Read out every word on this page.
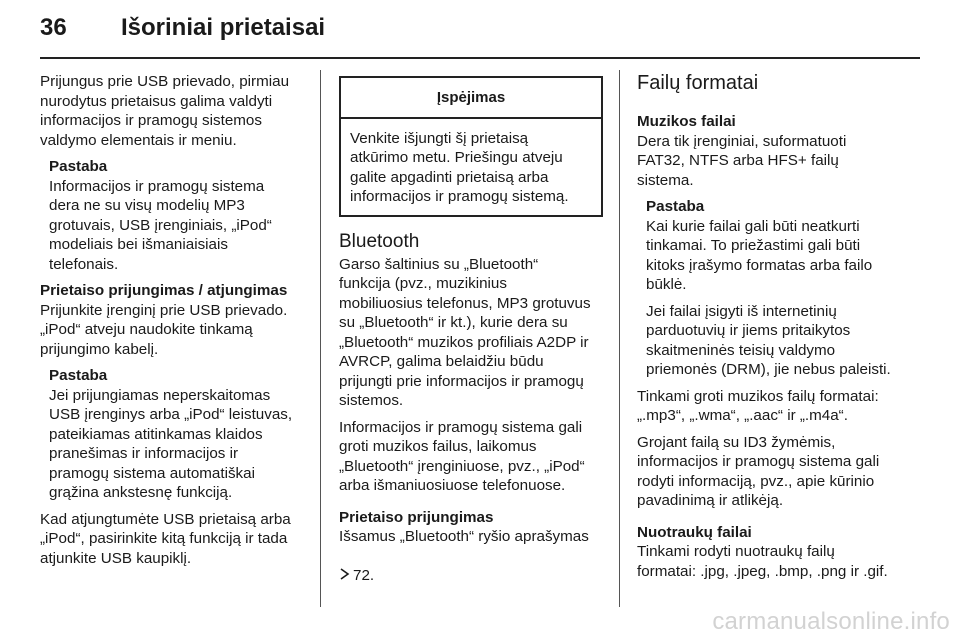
36 Išoriniai prietaisai

Prijungus prie USB prievado, pirmiau
nurodytus prietaisus galima valdyti
informacijos ir pramogų sistemos
valdymo elementais ir meniu.

Pastaba

Informacijos ir pramogų sistema
dera ne su visų modelių MP3
grotuvais, USB įrenginiais, „iPod“
modeliais bei išmaniaisiais
telefonais.

Prietaiso prijungimas / atjungimas

Prijunkite įrenginį prie USB prievado.
„iPod“ atveju naudokite tinkamą
prijungimo kabelį.

Pastaba

Jei prijungiamas neperskaitomas
USB įrenginys arba „iPod“ leistuvas,
pateikiamas atitinkamas klaidos
pranešimas ir informacijos ir
pramogų sistema automatiškai
grąžina ankstesnę funkciją.

Kad atjungtumėte USB prietaisą arba
„iPod“, pasirinkite kitą funkciją ir tada
atjunkite USB kaupiklį.

Įspėjimas
Venkite išjungti šį prietaisą
atkūrimo metu. Priešingu atveju
galite apgadinti prietaisą arba
informacijos ir pramogų sistemą.
Bluetooth

Garso šaltinius su „Bluetooth“
funkcija (pvz., muzikinius
mobiliuosius telefonus, MP3 grotuvus
su „Bluetooth“ ir kt.), kurie dera su
„Bluetooth“ muzikos profiliais A2DP ir
AVRCP, galima belaidžiu būdu
prijungti prie informacijos ir pramogų
sistemos.

Informacijos ir pramogų sistema gali
groti muzikos failus, laikomus
„Bluetooth“ įrenginiuose, pvz., „iPod“
arba išmaniuosiuose telefonuose.

Prietaiso prijungimas

Išsamus „Bluetooth“ ryšio aprašymas

72.

Failų formatai

Muzikos failai

Dera tik įrenginiai, suformatuoti
FAT32, NTFS arba HFS+ failų
sistema.

Pastaba

Kai kurie failai gali būti neatkurti
tinkamai. To priežastimi gali būti
kitoks įrašymo formatas arba failo
būklė.

Jei failai įsigyti iš internetinių
parduotuvių ir jiems pritaikytos
skaitmeninės teisių valdymo
priemonės (DRM), jie nebus paleisti.

Tinkami groti muzikos failų formatai:
„.mp3“, „.wma“, „.aac“ ir „.m4a“.

Grojant failą su ID3 žymėmis,
informacijos ir pramogų sistema gali
rodyti informaciją, pvz., apie kūrinio
pavadinimą ir atlikėją.

Nuotraukų failai

Tinkami rodyti nuotraukų failų
formatai: .jpg, .jpeg, .bmp, .png ir .gif.

carmanualsonline.info
